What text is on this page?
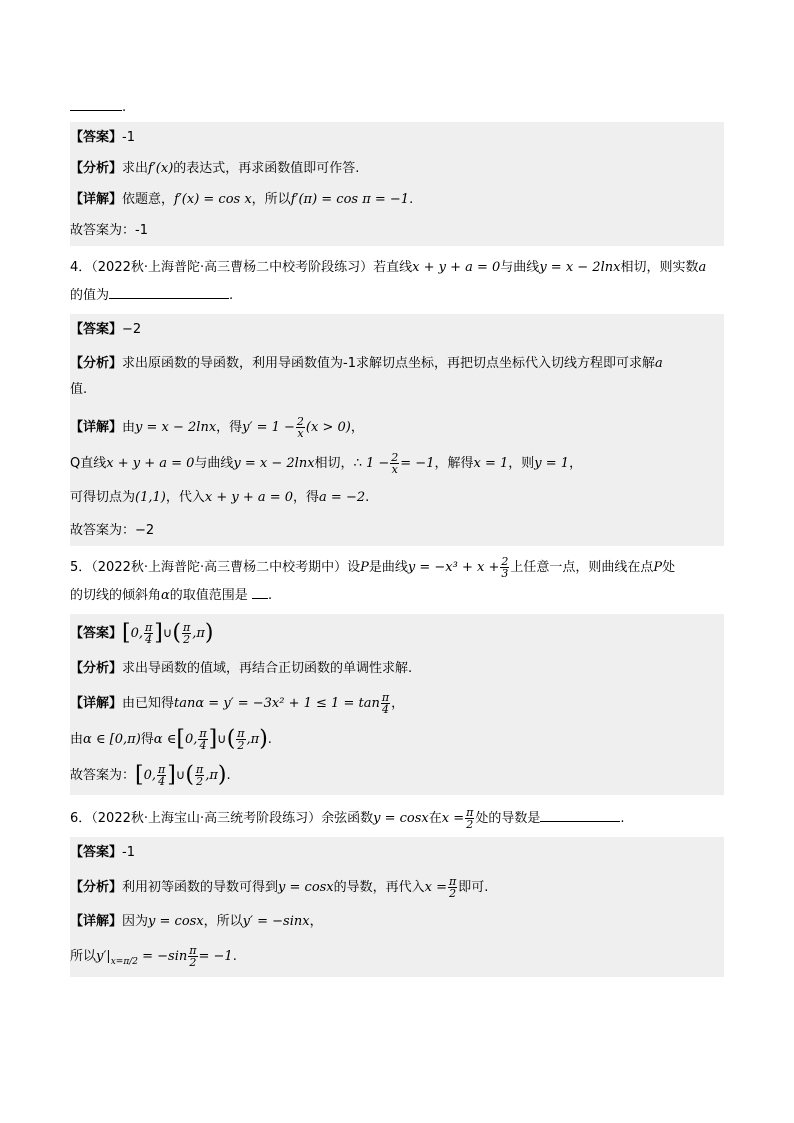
.
【答案】-1
【分析】求出f′(x)的表达式，再求函数值即可作答.
【详解】依题意，f′(x) = cos x，所以f′(π) = cos π = −1.
故答案为：-1
4．（2022秋·上海普陀·高三曹杨二中校考阶段练习）若直线x + y + a = 0与曲线y = x − 2lnx相切，则实数a
的值为	.
【答案】−2
【分析】求出原函数的导函数，利用导函数值为-1求解切点坐标，再把切点坐标代入切线方程即可求解a
值.
【详解】由y = x − 2lnx，得$y' = 1 - \frac{2}{x} (x > 0)$，
Q直线x + y + a = 0与曲线y = x − 2lnx相切，∴ $1 - \frac{2}{x} = -1$，解得x = 1，则y = 1，
可得切点为(1,1)，代入x + y + a = 0，得a = −2.
故答案为：−2
5．（2022秋·上海普陀·高三曹杨二中校考期中）设P是曲线$y = -x^3 + x + \frac{2}{3}$ 上任意一点，则曲线在点P处
的切线的倾斜角α的取值范围是 .
【答案】[0, $\frac{\pi}{4}$ ]∪( $\frac{\pi}{2} ,\pi$)
【分析】求出导函数的值域，再结合正切函数的单调性求解.
【详解】由已知得$\tan\alpha = y' = -3x^2 + 1 \le 1 = \tan \frac{\pi}{4}$ ，
由α ∈ [0,π)得α ∈[0, $\frac{\pi}{4}$ ]∪( $\frac{\pi}{2} ,\pi$).
故答案为：[0, $\frac{\pi}{4}$ ]∪( $\frac{\pi}{2} ,\pi$).
6．（2022秋·上海宝山·高三统考阶段练习）余弦函数y = cosx在$x = \frac{\pi}{2}$ 处的导数是	.
【答案】-1
【分析】利用初等函数的导数可得到y = cosx的导数，再代入$x = \frac{\pi}{2}$ 即可.
【详解】因为y = cosx，所以y′ = −sinx，
所以$y'|_{x=\pi/2} = -\sin \frac{\pi}{2} = -1$.
